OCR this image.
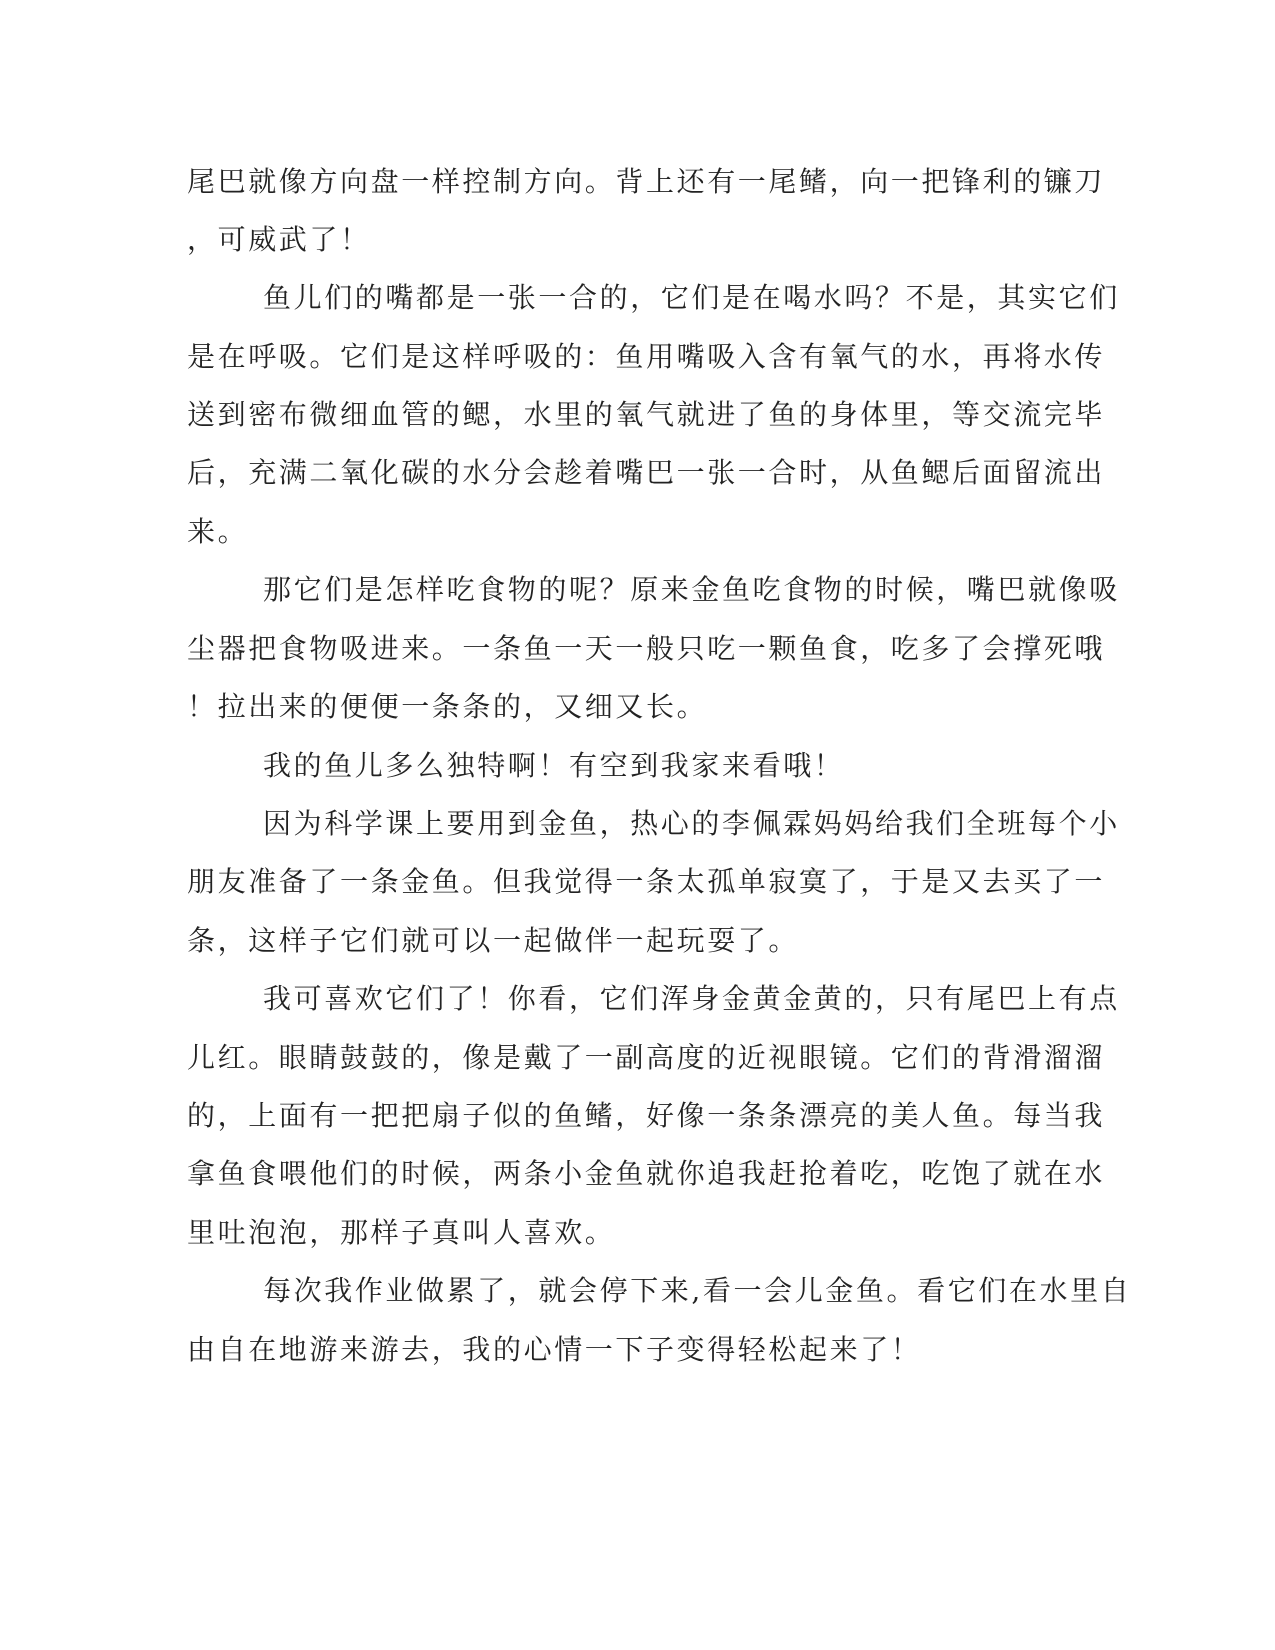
尾巴就像方向盘一样控制方向。背上还有一尾鳍，向一把锋利的镰刀
，可威武了！
鱼儿们的嘴都是一张一合的，它们是在喝水吗？不是，其实它们
是在呼吸。它们是这样呼吸的：鱼用嘴吸入含有氧气的水，再将水传
送到密布微细血管的鳃，水里的氧气就进了鱼的身体里，等交流完毕
后，充满二氧化碳的水分会趁着嘴巴一张一合时，从鱼鳃后面留流出
来。
那它们是怎样吃食物的呢？原来金鱼吃食物的时候，嘴巴就像吸
尘器把食物吸进来。一条鱼一天一般只吃一颗鱼食，吃多了会撑死哦
！拉出来的便便一条条的，又细又长。
我的鱼儿多么独特啊！有空到我家来看哦！
因为科学课上要用到金鱼，热心的李佩霖妈妈给我们全班每个小
朋友准备了一条金鱼。但我觉得一条太孤单寂寞了，于是又去买了一
条，这样子它们就可以一起做伴一起玩耍了。
我可喜欢它们了！你看，它们浑身金黄金黄的，只有尾巴上有点
儿红。眼睛鼓鼓的，像是戴了一副高度的近视眼镜。它们的背滑溜溜
的，上面有一把把扇子似的鱼鳍，好像一条条漂亮的美人鱼。每当我
拿鱼食喂他们的时候，两条小金鱼就你追我赶抢着吃，吃饱了就在水
里吐泡泡，那样子真叫人喜欢。
每次我作业做累了，就会停下来,看一会儿金鱼。看它们在水里自
由自在地游来游去，我的心情一下子变得轻松起来了！
